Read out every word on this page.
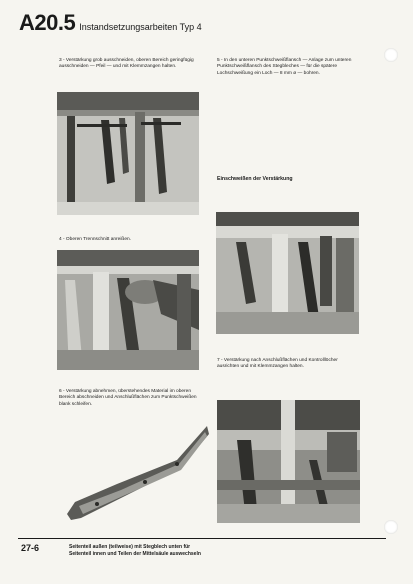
A20.5 Instandsetzungsarbeiten Typ 4
3 - Verstärkung grob ausschneiden, oberen Bereich geringfügig ausschneiden — Pfeil — und mit Klemmzangen halten.
4 - Oberen Trennschnitt anreißen.
6 - Verstärkung abnehmen, überstehendes Material im oberen Bereich abschneiden und Anschlußflächen zum Punktschweißen blank schleifen.
5 - In den unteren Punktschweißflansch — Anlage zum unteren Punktschweißflansch des Stegbleches — für die spätere Lochschweißung ein Loch — 8 mm ø — bohren.
Einschweißen der Verstärkung
7 - Verstärkung nach Anschlußflächen und Kontrolllöcher ausrichten und mit Klemmzangen halten.
27-6	Seitenteil außen (teilweise) mit Stegblech unten für
Seitenteil innen und Teilen der Mittelsäule auswechseln
